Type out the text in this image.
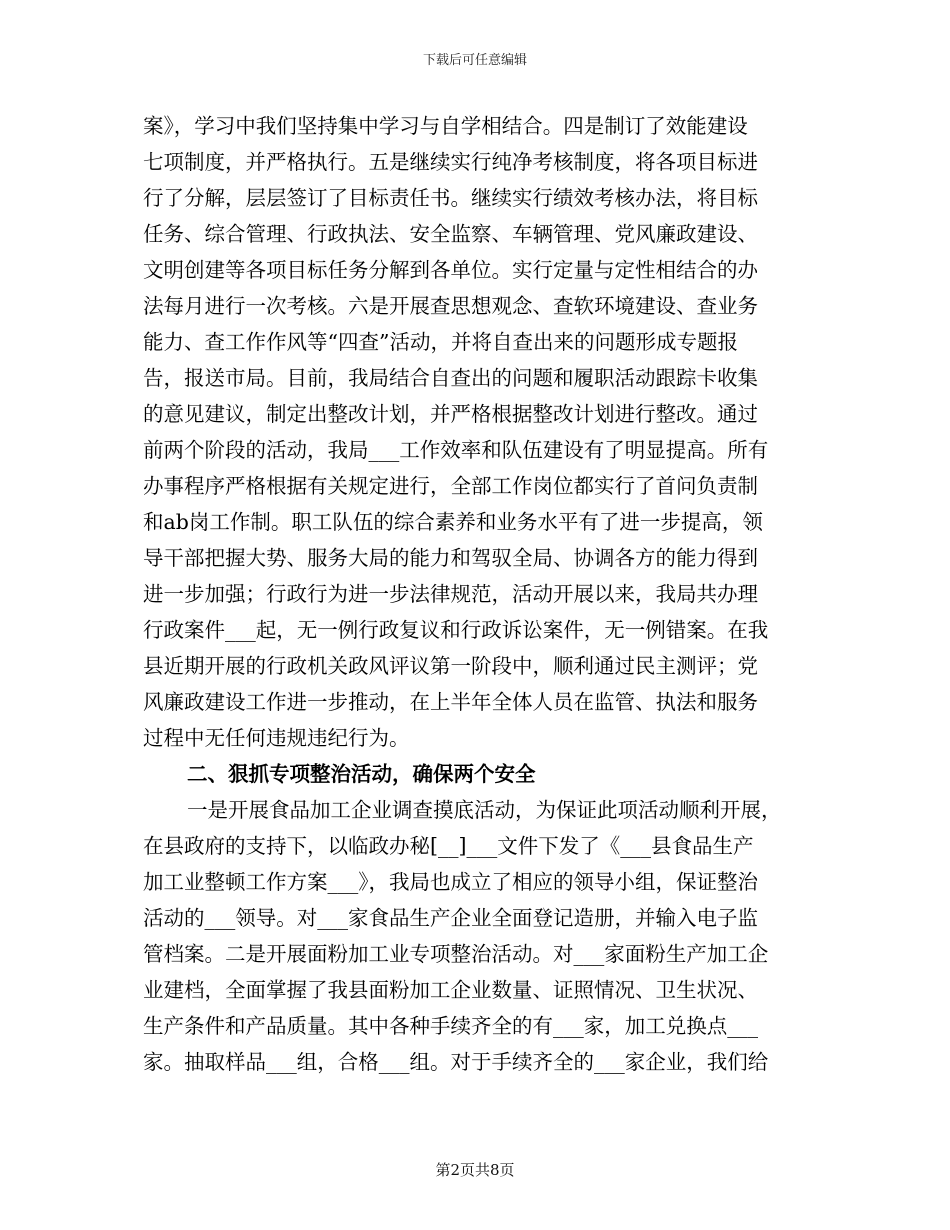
下载后可任意编辑
案》，学习中我们坚持集中学习与自学相结合。四是制订了效能建设
七项制度，并严格执行。五是继续实行纯净考核制度，将各项目标进
行了分解，层层签订了目标责任书。继续实行绩效考核办法，将目标
任务、综合管理、行政执法、安全监察、车辆管理、党风廉政建设、
文明创建等各项目标任务分解到各单位。实行定量与定性相结合的办
法每月进行一次考核。六是开展查思想观念、查软环境建设、查业务
能力、查工作作风等“四查”活动，并将自查出来的问题形成专题报
告，报送市局。目前，我局结合自查出的问题和履职活动跟踪卡收集
的意见建议，制定出整改计划，并严格根据整改计划进行整改。通过
前两个阶段的活动，我局___工作效率和队伍建设有了明显提高。所有
办事程序严格根据有关规定进行，全部工作岗位都实行了首问负责制
和ab岗工作制。职工队伍的综合素养和业务水平有了进一步提高，领
导干部把握大势、服务大局的能力和驾驭全局、协调各方的能力得到
进一步加强；行政行为进一步法律规范，活动开展以来，我局共办理
行政案件___起，无一例行政复议和行政诉讼案件，无一例错案。在我
县近期开展的行政机关政风评议第一阶段中，顺利通过民主测评；党
风廉政建设工作进一步推动，在上半年全体人员在监管、执法和服务
过程中无任何违规违纪行为。
二、狠抓专项整治活动，确保两个安全
一是开展食品加工企业调查摸底活动，为保证此项活动顺利开展，
在县政府的支持下，以临政办秘[__]___文件下发了《___县食品生产
加工业整顿工作方案___》，我局也成立了相应的领导小组，保证整治
活动的___领导。对___家食品生产企业全面登记造册，并输入电子监
管档案。二是开展面粉加工业专项整治活动。对___家面粉生产加工企
业建档，全面掌握了我县面粉加工企业数量、证照情况、卫生状况、
生产条件和产品质量。其中各种手续齐全的有___家，加工兑换点___
家。抽取样品___组，合格___组。对于手续齐全的___家企业，我们给
第2页共8页
